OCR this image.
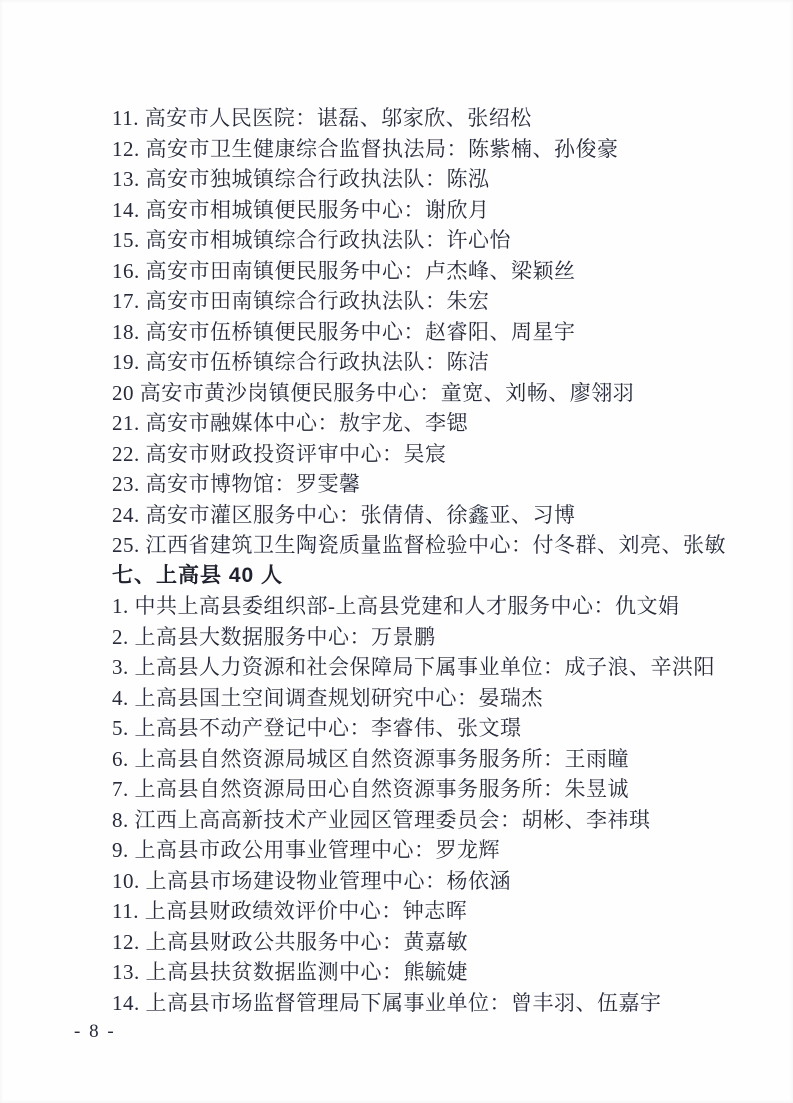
11. 高安市人民医院：谌磊、邬家欣、张绍松
12. 高安市卫生健康综合监督执法局：陈紫楠、孙俊豪
13. 高安市独城镇综合行政执法队：陈泓
14. 高安市相城镇便民服务中心：谢欣月
15. 高安市相城镇综合行政执法队：许心怡
16. 高安市田南镇便民服务中心：卢杰峰、梁颖丝
17. 高安市田南镇综合行政执法队：朱宏
18. 高安市伍桥镇便民服务中心：赵睿阳、周星宇
19. 高安市伍桥镇综合行政执法队：陈洁
20 高安市黄沙岗镇便民服务中心：童宽、刘畅、廖翎羽
21. 高安市融媒体中心：敖宇龙、李锶
22. 高安市财政投资评审中心：吴宸
23. 高安市博物馆：罗雯馨
24. 高安市灌区服务中心：张倩倩、徐鑫亚、习博
25. 江西省建筑卫生陶瓷质量监督检验中心：付冬群、刘亮、张敏
七、上高县 40 人
1. 中共上高县委组织部-上高县党建和人才服务中心：仇文娟
2. 上高县大数据服务中心：万景鹏
3. 上高县人力资源和社会保障局下属事业单位：成子浪、辛洪阳
4. 上高县国土空间调查规划研究中心：晏瑞杰
5. 上高县不动产登记中心：李睿伟、张文璟
6. 上高县自然资源局城区自然资源事务服务所：王雨瞳
7. 上高县自然资源局田心自然资源事务服务所：朱昱诚
8. 江西上高高新技术产业园区管理委员会：胡彬、李祎琪
9. 上高县市政公用事业管理中心：罗龙辉
10. 上高县市场建设物业管理中心：杨依涵
11. 上高县财政绩效评价中心：钟志晖
12. 上高县财政公共服务中心：黄嘉敏
13. 上高县扶贫数据监测中心：熊毓婕
14. 上高县市场监督管理局下属事业单位：曾丰羽、伍嘉宇
- 8 -
